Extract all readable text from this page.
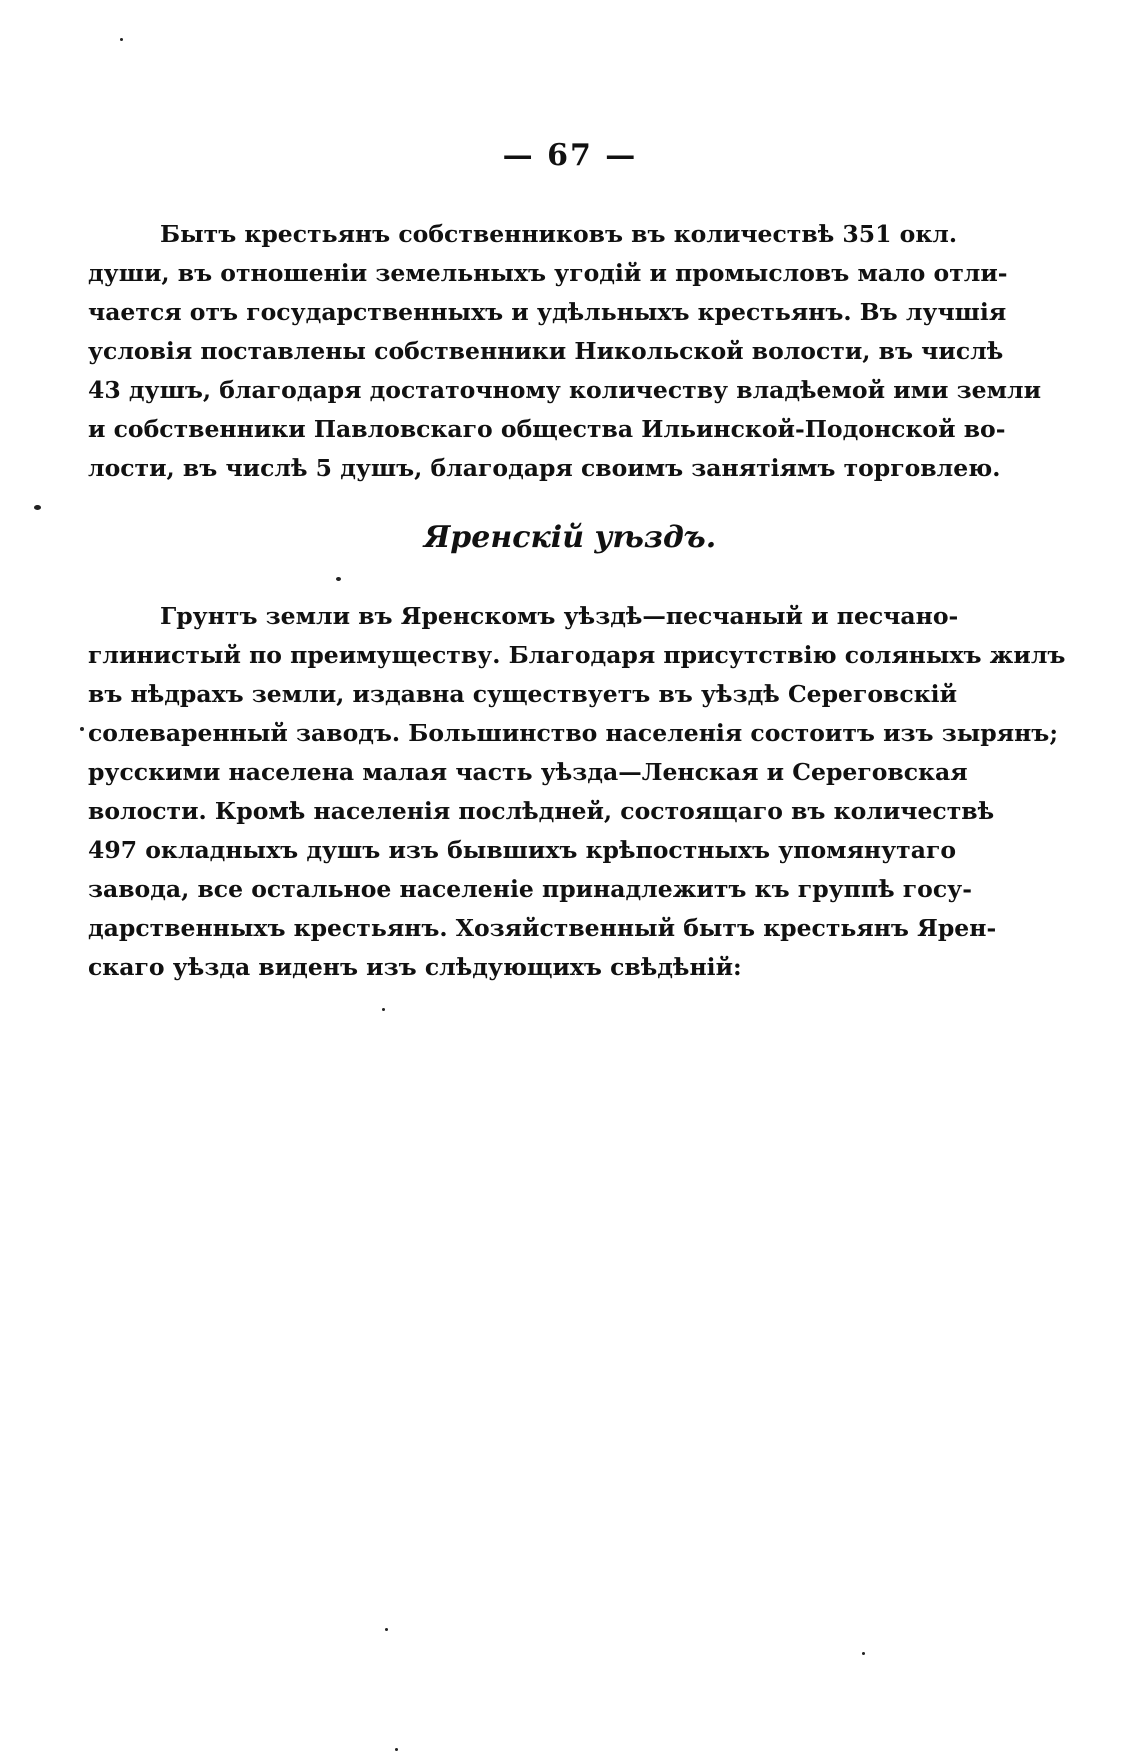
— 67 —
Бытъ крестьянъ собственниковъ въ количествѣ 351 окл.
души, въ отношеніи земельныхъ угодій и промысловъ мало отли-
чается отъ государственныхъ и удѣльныхъ крестьянъ. Въ лучшія
условія поставлены собственники Никольской волости, въ числѣ
43 душъ, благодаря достаточному количеству владѣемой ими земли
и собственники Павловскаго общества Ильинской-Подонской во-
лости, въ числѣ 5 душъ, благодаря своимъ занятіямъ торговлею.
Яренскій уѣздъ.
Грунтъ земли въ Яренскомъ уѣздѣ—песчаный и песчано-
глинистый по преимуществу. Благодаря присутствію соляныхъ жилъ
въ нѣдрахъ земли, издавна существуетъ въ уѣздѣ Сереговскій
солеваренный заводъ. Большинство населенія состоитъ изъ зырянъ;
русскими населена малая часть уѣзда—Ленская и Сереговская
волости. Кромѣ населенія послѣдней, состоящаго въ количествѣ
497 окладныхъ душъ изъ бывшихъ крѣпостныхъ упомянутаго
завода, все остальное населеніе принадлежитъ къ группѣ госу-
дарственныхъ крестьянъ. Хозяйственный бытъ крестьянъ Ярен-
скаго уѣзда виденъ изъ слѣдующихъ свѣдѣній:
